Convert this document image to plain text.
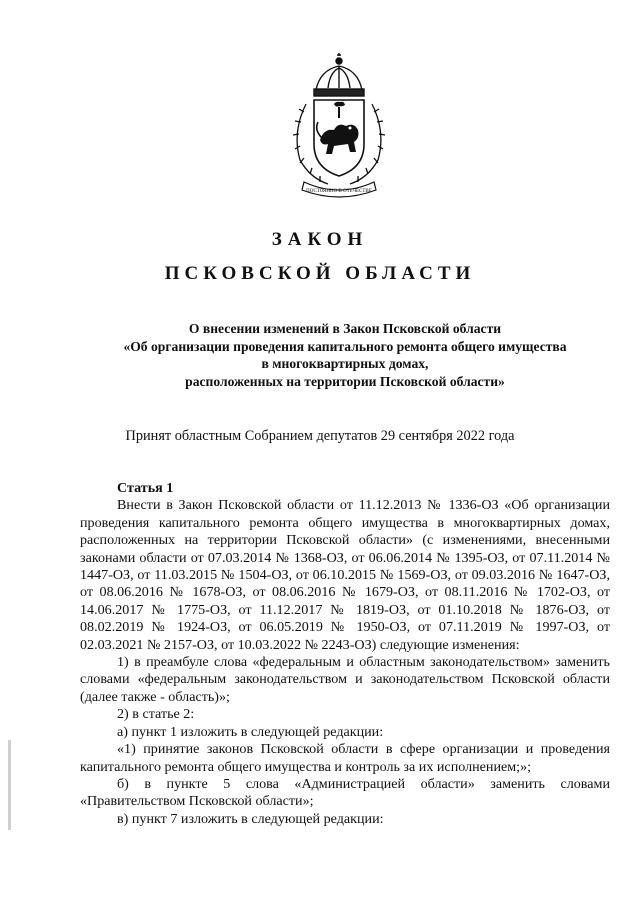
ПОСТОЯННО В ОТЕЧЕСТВЕ
ЗАКОН
ПСКОВСКОЙ ОБЛАСТИ
О внесении изменений в Закон Псковской области
«Об организации проведения капитального ремонта общего имущества
в многоквартирных домах,
расположенных на территории Псковской области»
Принят областным Собранием депутатов 29 сентября 2022 года

Статья 1

Внести в Закон Псковской области от 11.12.2013 № 1336-ОЗ «Об организации проведения капитального ремонта общего имущества в многоквартирных домах, расположенных на территории Псковской области» (с изменениями, внесенными законами области от 07.03.2014 № 1368-ОЗ, от 06.06.2014 № 1395-ОЗ, от 07.11.2014 № 1447-ОЗ, от 11.03.2015 № 1504-ОЗ, от 06.10.2015 № 1569-ОЗ, от 09.03.2016 № 1647-ОЗ, от 08.06.2016 № 1678-ОЗ, от 08.06.2016 № 1679-ОЗ, от 08.11.2016 № 1702-ОЗ, от 14.06.2017 № 1775-ОЗ, от 11.12.2017 № 1819-ОЗ, от 01.10.2018 № 1876-ОЗ, от 08.02.2019 № 1924-ОЗ, от 06.05.2019 № 1950-ОЗ, от 07.11.2019 № 1997-ОЗ, от 02.03.2021 № 2157-ОЗ, от 10.03.2022 № 2243-ОЗ) следующие изменения:

1) в преамбуле слова «федеральным и областным законодательством» заменить словами «федеральным законодательством и законодательством Псковской области (далее также - область)»;

2) в статье 2:

а) пункт 1 изложить в следующей редакции:

«1) принятие законов Псковской области в сфере организации и проведения капитального ремонта общего имущества и контроль за их исполнением;»;

б) в пункте 5 слова «Администрацией области» заменить словами «Правительством Псковской области»;

в) пункт 7 изложить в следующей редакции:
